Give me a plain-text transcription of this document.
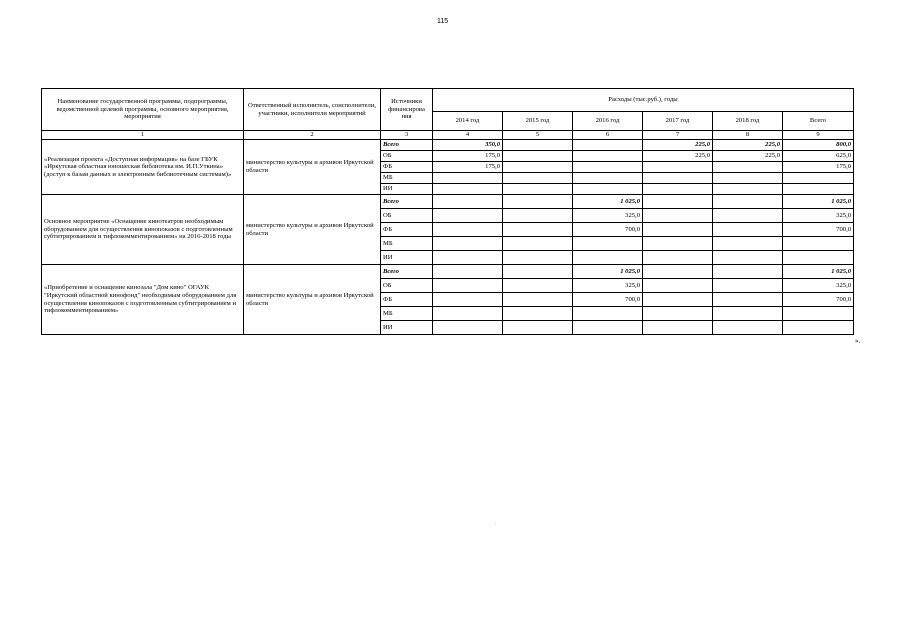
115
Наименование государственной программы, подпрограммы, ведомственной целевой программы, основного мероприятия, мероприятия	Ответственный исполнитель, соисполнители, участники, исполнители мероприятий	Источники финансирова ния	Расходы (тыс.руб.), годы					
			2014 год	2015 год	2016 год	2017 год	2018 год	Всего
1	2	3	4	5	6	7	8	9
«Реализация проекта «Доступная информация» на базе ГБУК «Иркутская областная юношеская библиотека им. И.П.Уткина» (доступ к базам данных и электронным библиотечным системам)»	министерство культуры и архивов Иркутской области	Всего	350,0			225,0	225,0	800,0
		ОБ	175,0			225,0	225,0	625,0
		ФБ	175,0					175,0
		МБ						
		ИИ						
Основное мероприятие «Оснащение кинотеатров необходимым оборудованием для осуществления кинопоказов с подготовленным субтитрированием и тифлокомментированием» на 2016-2018 годы	министерство культуры и архивов Иркутской области	Всего			1 025,0			1 025,0
		ОБ			325,0			325,0
		ФБ			700,0			700,0
		МБ						
		ИИ						
«Приобретение и оснащение кинозала "Дом кино" ОГАУК "Иркутский областной кинофонд" необходимым оборудованием для осуществления кинопоказов с подготовленным субтитрированием и тифлокомментированием»	министерство культуры и архивов Иркутской области	Всего			1 025,0			1 025,0
		ОБ			325,0			325,0
		ФБ			700,0			700,0
		МБ						
		ИИ						
».
.
